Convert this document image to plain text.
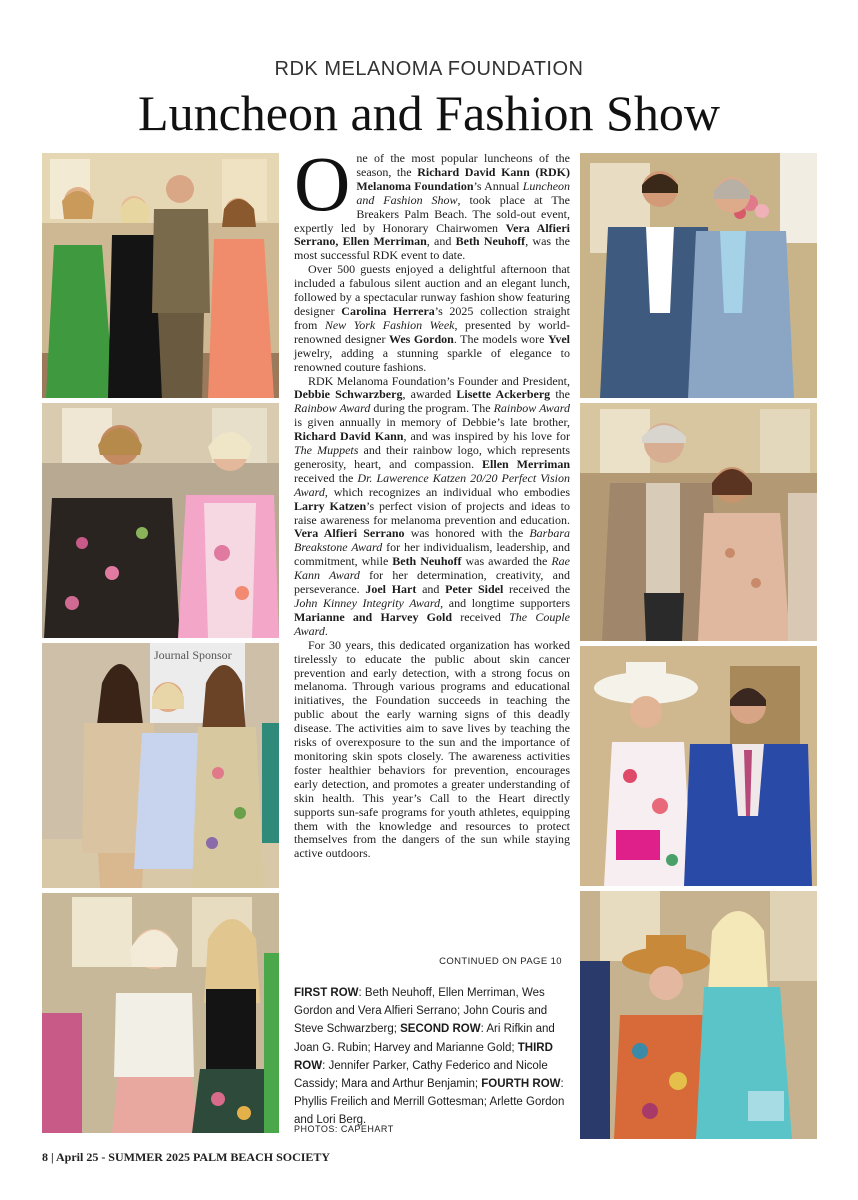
RDK MELANOMA FOUNDATION
Luncheon and Fashion Show
Journal Sponsor

One of the most popular luncheons of the season, the Richard David Kann (RDK) Melanoma Foundation’s Annual Luncheon and Fashion Show, took place at The Breakers Palm Beach. The sold-out event, expertly led by Honorary Chairwomen Vera Alfieri Serrano, Ellen Merriman, and Beth Neuhoff, was the most successful RDK event to date.

Over 500 guests enjoyed a delightful afternoon that included a fabulous silent auction and an elegant lunch, followed by a spectacular runway fashion show featuring designer Carolina Herrera’s 2025 collection straight from New York Fashion Week, presented by world-renowned designer Wes Gordon. The models wore Yvel jewelry, adding a stunning sparkle of elegance to renowned couture fashions.

RDK Melanoma Foundation’s Founder and President, Debbie Schwarzberg, awarded Lisette Ackerberg the Rainbow Award during the program. The Rainbow Award is given annually in memory of Debbie’s late brother, Richard David Kann, and was inspired by his love for The Muppets and their rainbow logo, which represents generosity, heart, and compassion. Ellen Merriman received the Dr. Lawerence Katzen 20/20 Perfect Vision Award, which recognizes an individual who embodies Larry Katzen’s perfect vision of projects and ideas to raise awareness for melanoma prevention and education. Vera Alfieri Serrano was honored with the Barbara Breakstone Award for her individualism, leadership, and commitment, while Beth Neuhoff was awarded the Rae Kann Award for her determination, creativity, and perseverance. Joel Hart and Peter Sidel received the John Kinney Integrity Award, and longtime supporters Marianne and Harvey Gold received The Couple Award.

For 30 years, this dedicated organization has worked tirelessly to educate the public about skin cancer prevention and early detection, with a strong focus on melanoma. Through various programs and educational initiatives, the Foundation succeeds in teaching the public about the early warning signs of this deadly disease. The activities aim to save lives by teaching the risks of overexposure to the sun and the importance of monitoring skin spots closely. The awareness activities foster healthier behaviors for prevention, encourages early detection, and promotes a greater understanding of skin health. This year’s Call to the Heart directly supports sun-safe programs for youth athletes, equipping them with the knowledge and resources to protect themselves from the dangers of the sun while staying active outdoors.

CONTINUED ON PAGE 10
FIRST ROW: Beth Neuhoff, Ellen Merriman, Wes Gordon and Vera Alfieri Serrano; John Couris and Steve Schwarzberg; SECOND ROW: Ari Rifkin and Joan G. Rubin; Harvey and Marianne Gold; THIRD ROW: Jennifer Parker, Cathy Federico and Nicole Cassidy; Mara and Arthur Benjamin; FOURTH ROW: Phyllis Freilich and Merrill Gottesman; Arlette Gordon and Lori Berg.
PHOTOS: CAPEHART
8 | April 25 - SUMMER 2025 PALM BEACH SOCIETY
